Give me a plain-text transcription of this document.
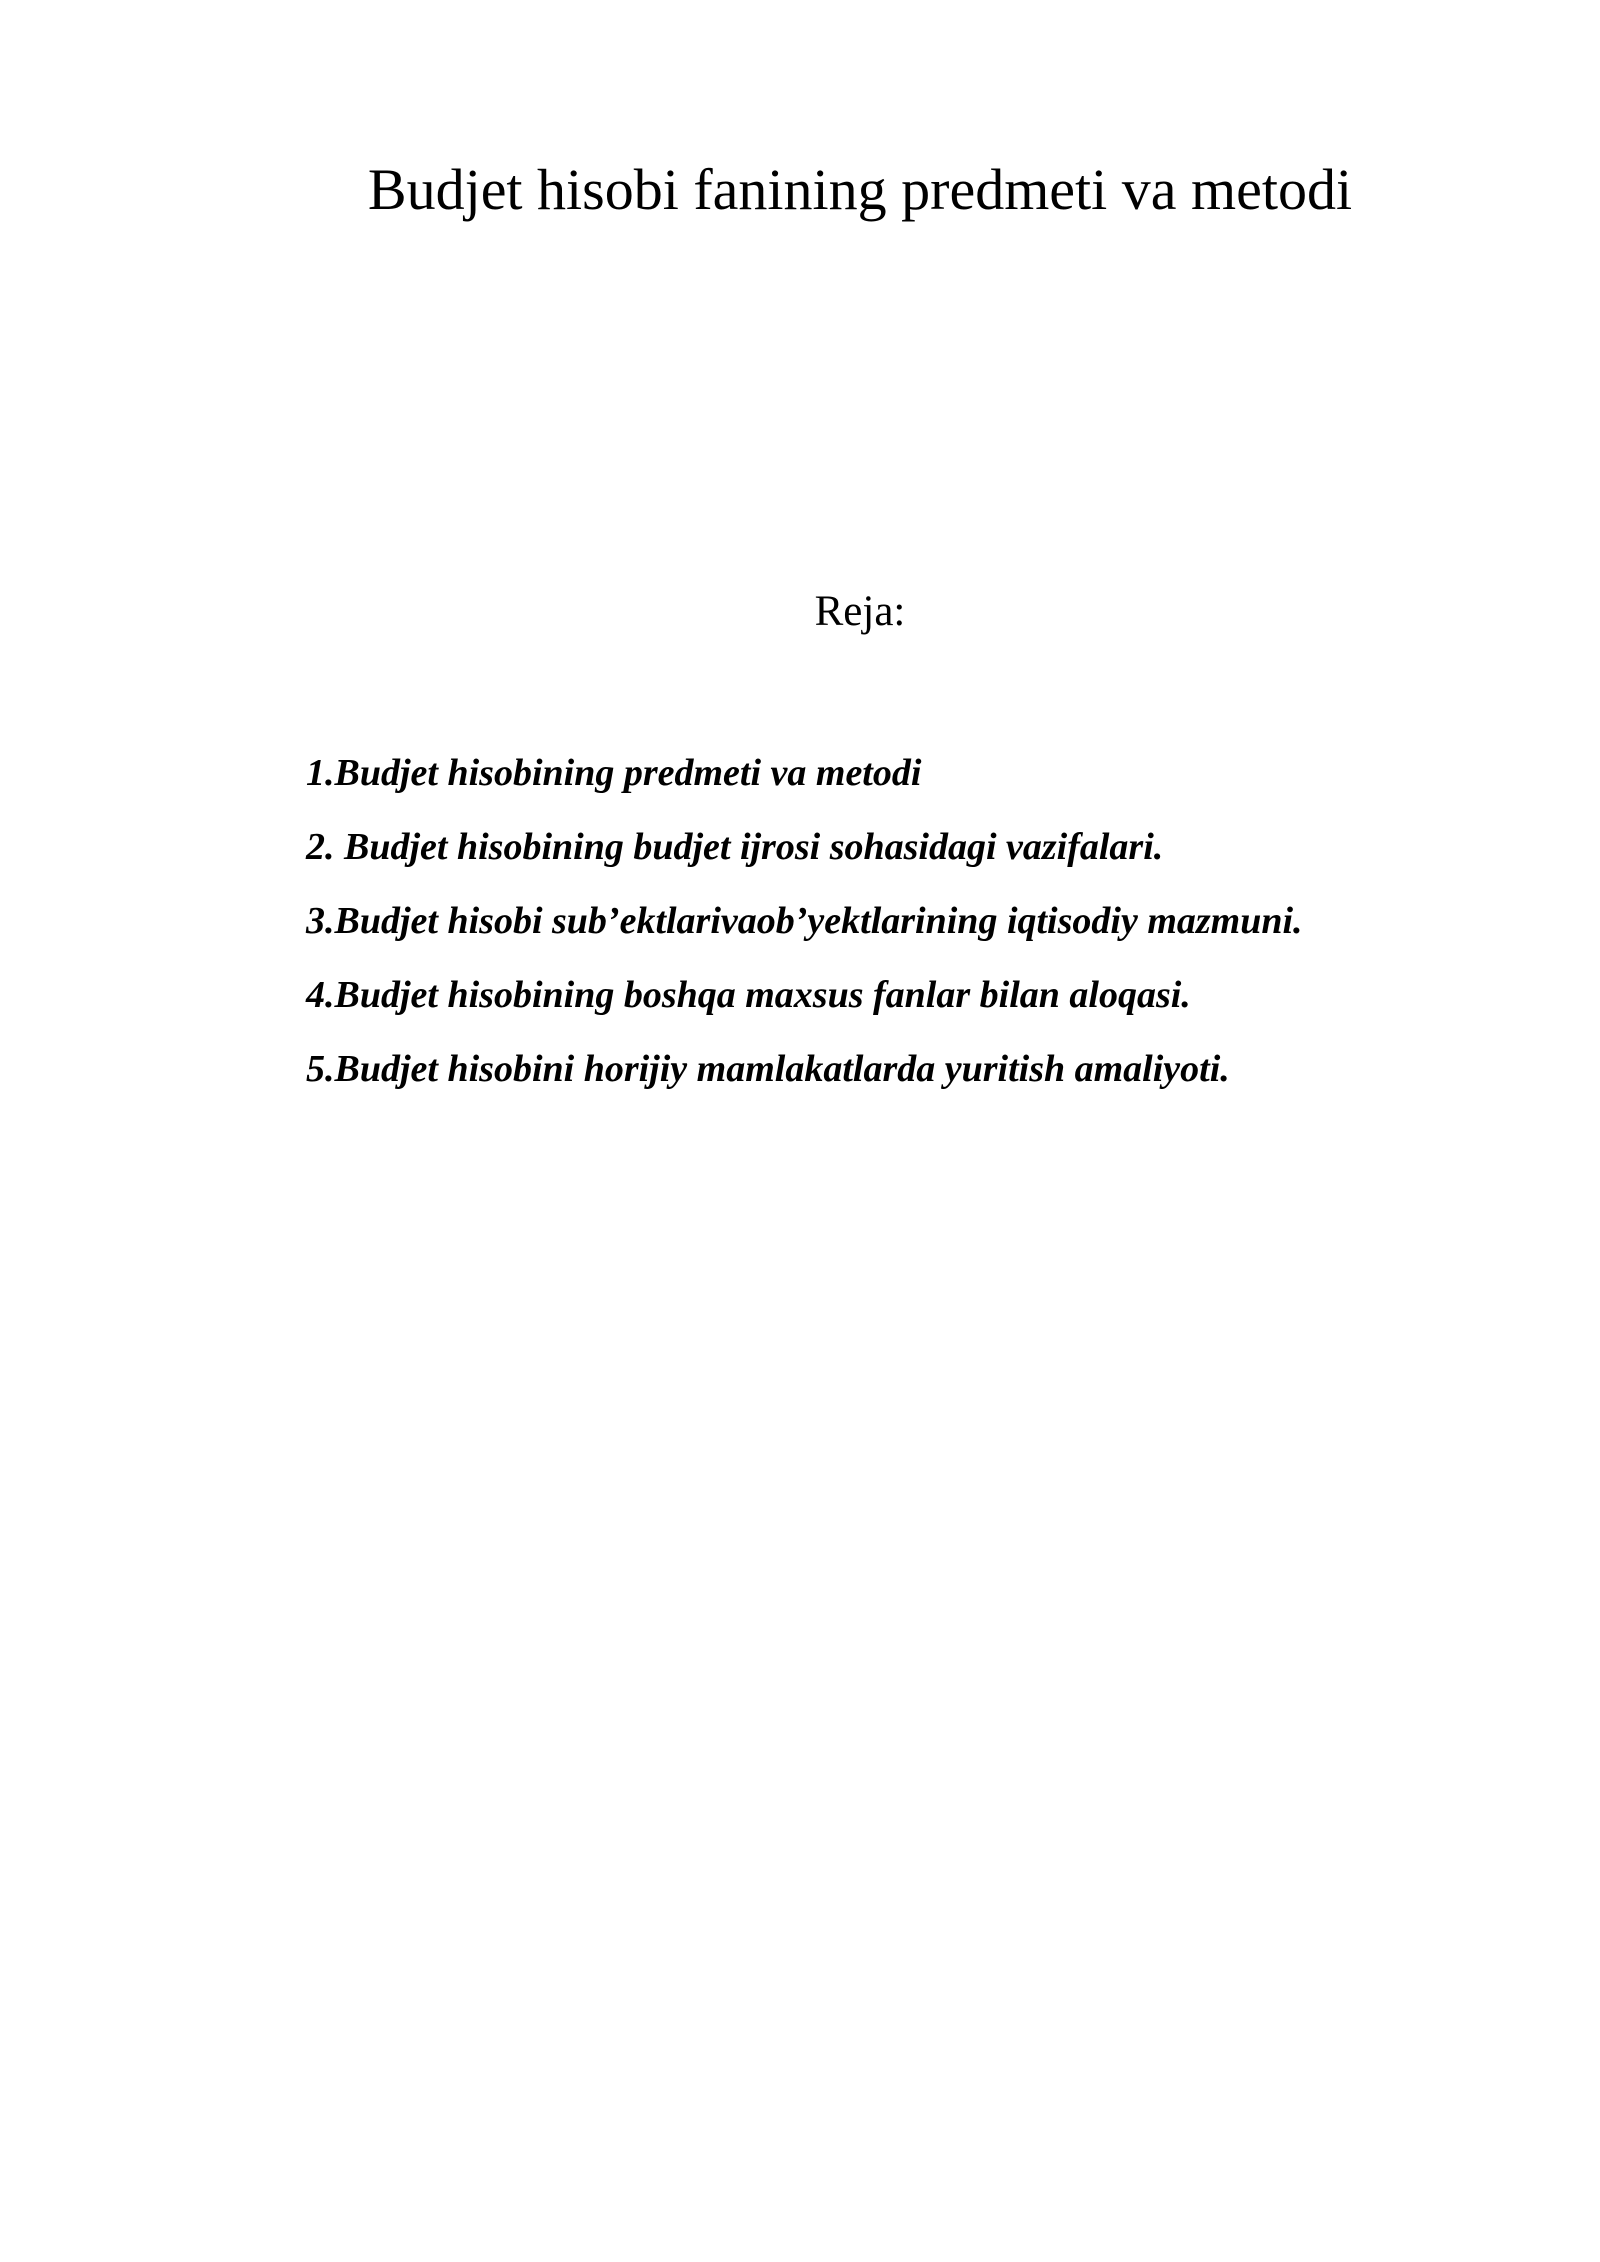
Budjet hisobi fanining predmeti va metodi
Reja:
1.Budjet hisobining predmeti va metodi
2. Budjet hisobining budjet ijrosi sohasidagi vazifalari.
3.Budjet hisobi sub’ektlarivaob’yektlarining iqtisodiy mazmuni.
4.Budjet hisobining boshqa maxsus fanlar bilan aloqasi.
5.Budjet hisobini horijiy mamlakatlarda yuritish amaliyoti.
